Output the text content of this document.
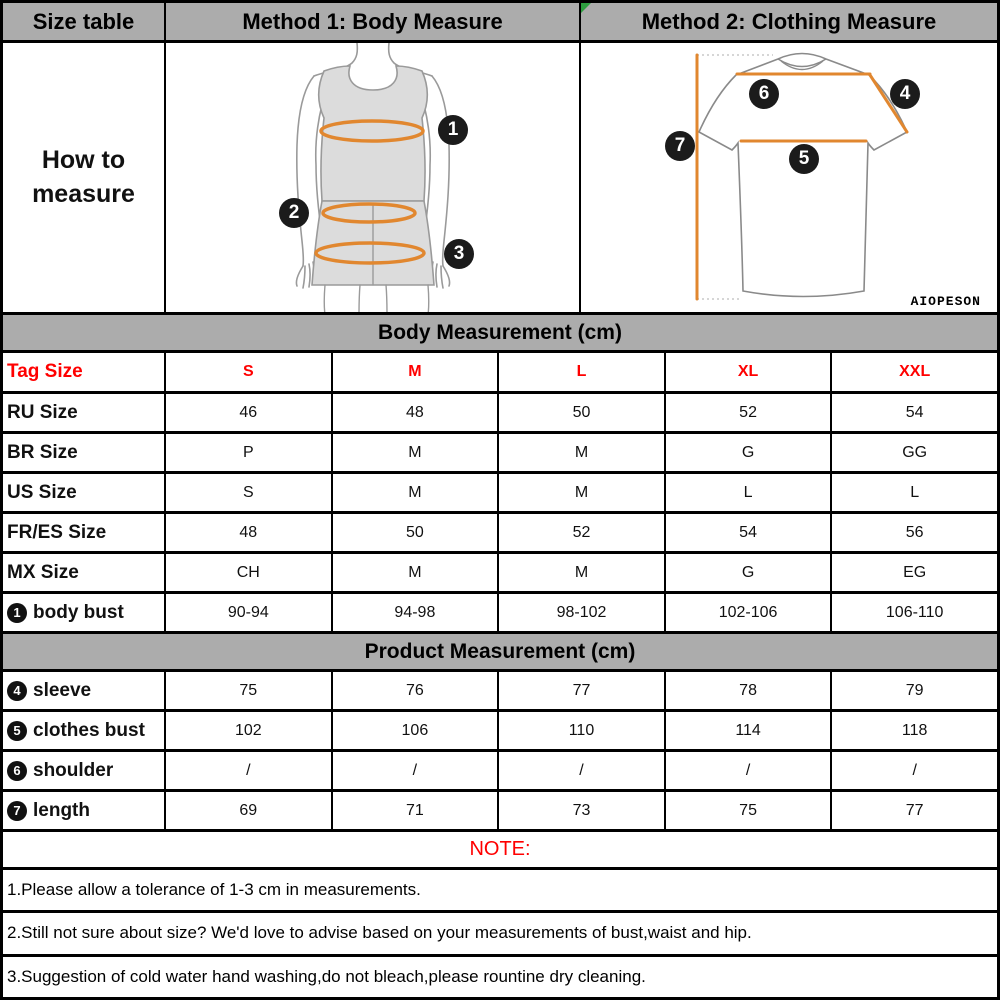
Size table	Method 1: Body Measure	Method 2: Clothing Measure
How to measure
1
2
3
6	4
7
5
AIOPESON
Body Measurement (cm)
Tag Size	S	M	L	XL	XXL
RU Size	46	48	50	52	54
BR Size	P	M	M	G	GG
US Size	S	M	M	L	L
FR/ES Size	48	50	52	54	56
MX Size	CH	M	M	G	EG
1 body bust	90-94	94-98	98-102	102-106	106-110
Product Measurement (cm)
4 sleeve	75	76	77	78	79
5 clothes bust	102	106	110	114	118
6 shoulder	/	/	/	/	/
7 length	69	71	73	75	77
NOTE:
1.Please allow a tolerance of 1-3 cm in measurements.
2.Still not sure about size? We'd love to advise based on your measurements of bust,waist and hip.
3.Suggestion of cold water hand washing,do not bleach,please rountine dry cleaning.
